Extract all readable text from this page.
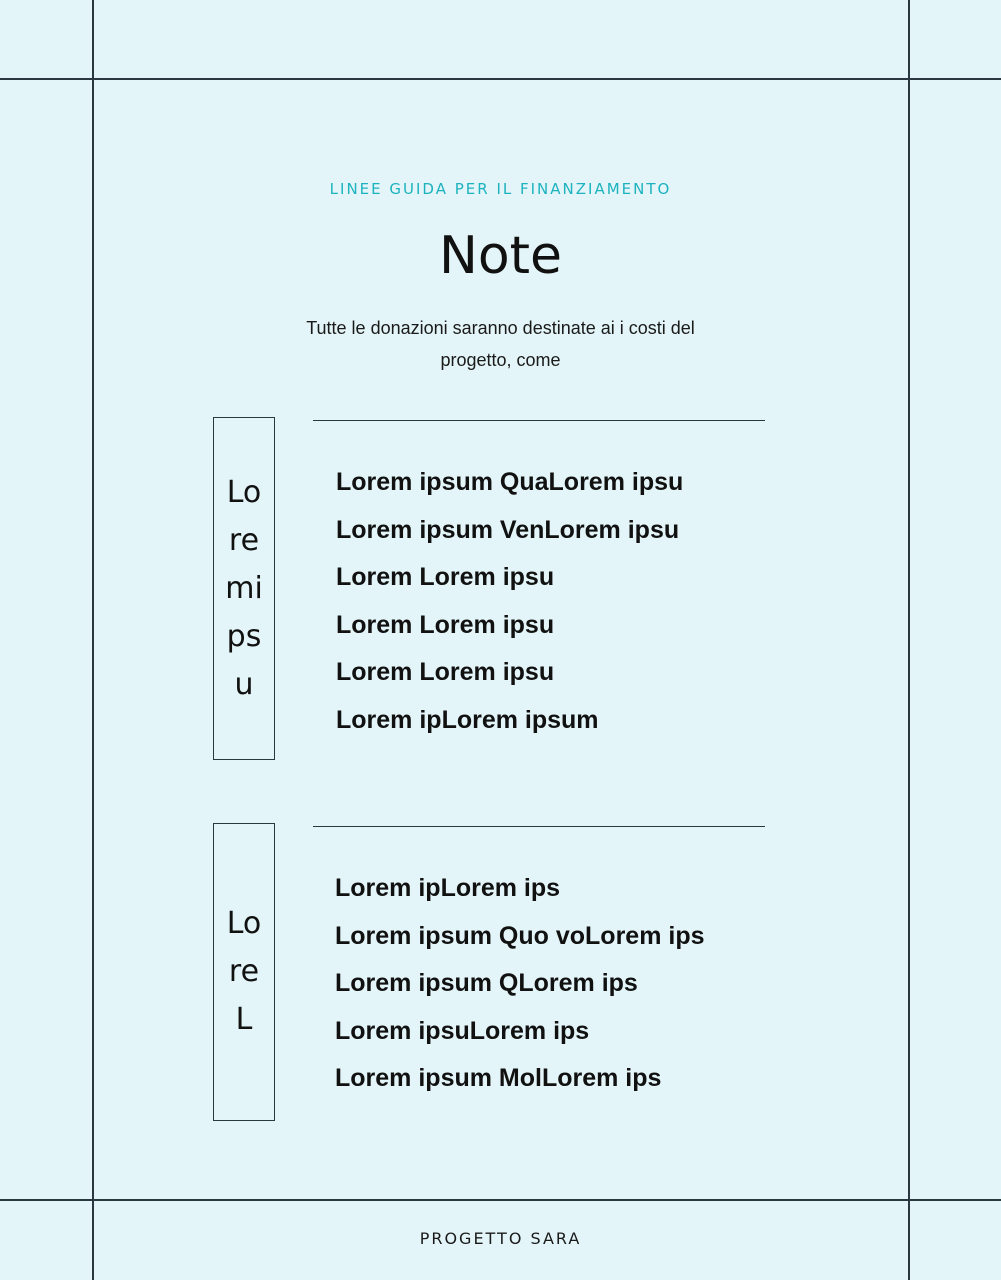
LINEE GUIDA PER IL FINANZIAMENTO
Note
Tutte le donazioni saranno destinate ai i costi del progetto, come
Loremipsu
Lorem ipsum QuaLorem ipsu
Lorem ipsum VenLorem ipsu
Lorem Lorem ipsu
Lorem Lorem ipsu
Lorem Lorem ipsu
Lorem ipLorem ipsum
LoreL
Lorem ipLorem ips
Lorem ipsum Quo voLorem ips
Lorem ipsum QLorem ips
Lorem ipsuLorem ips
Lorem ipsum MolLorem ips
PROGETTO SARA
